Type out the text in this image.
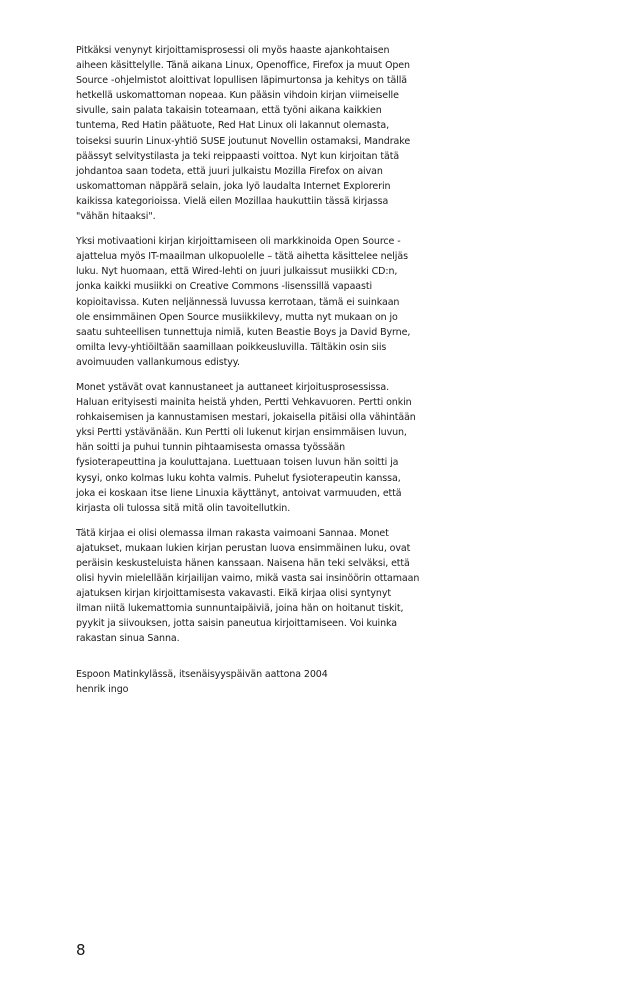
Pitkäksi venynyt kirjoittamisprosessi oli myös haaste ajankohtaisen
aiheen käsittelylle. Tänä aikana Linux, Openoffice, Firefox ja muut Open
Source -ohjelmistot aloittivat lopullisen läpimurtonsa ja kehitys on tällä
hetkellä uskomattoman nopeaa. Kun pääsin vihdoin kirjan viimeiselle
sivulle, sain palata takaisin toteamaan, että työni aikana kaikkien
tuntema, Red Hatin päätuote, Red Hat Linux oli lakannut olemasta,
toiseksi suurin Linux-yhtiö SUSE joutunut Novellin ostamaksi, Mandrake
päässyt selvitystilasta ja teki reippaasti voittoa. Nyt kun kirjoitan tätä
johdantoa saan todeta, että juuri julkaistu Mozilla Firefox on aivan
uskomattoman näppärä selain, joka lyö laudalta Internet Explorerin
kaikissa kategorioissa. Vielä eilen Mozillaa haukuttiin tässä kirjassa
"vähän hitaaksi".

Yksi motivaationi kirjan kirjoittamiseen oli markkinoida Open Source -
ajattelua myös IT-maailman ulkopuolelle – tätä aihetta käsittelee neljäs
luku. Nyt huomaan, että Wired-lehti on juuri julkaissut musiikki CD:n,
jonka kaikki musiikki on Creative Commons -lisenssillä vapaasti
kopioitavissa. Kuten neljännessä luvussa kerrotaan, tämä ei suinkaan
ole ensimmäinen Open Source musiikkilevy, mutta nyt mukaan on jo
saatu suhteellisen tunnettuja nimiä, kuten Beastie Boys ja David Byrne,
omilta levy-yhtiöiltään saamillaan poikkeusluvilla. Tältäkin osin siis
avoimuuden vallankumous edistyy.

Monet ystävät ovat kannustaneet ja auttaneet kirjoitusprosessissa.
Haluan erityisesti mainita heistä yhden, Pertti Vehkavuoren. Pertti onkin
rohkaisemisen ja kannustamisen mestari, jokaisella pitäisi olla vähintään
yksi Pertti ystävänään. Kun Pertti oli lukenut kirjan ensimmäisen luvun,
hän soitti ja puhui tunnin pihtaamisesta omassa työssään
fysioterapeuttina ja kouluttajana. Luettuaan toisen luvun hän soitti ja
kysyi, onko kolmas luku kohta valmis. Puhelut fysioterapeutin kanssa,
joka ei koskaan itse liene Linuxia käyttänyt, antoivat varmuuden, että
kirjasta oli tulossa sitä mitä olin tavoitellutkin.

Tätä kirjaa ei olisi olemassa ilman rakasta vaimoani Sannaa. Monet
ajatukset, mukaan lukien kirjan perustan luova ensimmäinen luku, ovat
peräisin keskusteluista hänen kanssaan. Naisena hän teki selväksi, että
olisi hyvin mielellään kirjailijan vaimo, mikä vasta sai insinöörin ottamaan
ajatuksen kirjan kirjoittamisesta vakavasti. Eikä kirjaa olisi syntynyt
ilman niitä lukemattomia sunnuntaipäiviä, joina hän on hoitanut tiskit,
pyykit ja siivouksen, jotta saisin paneutua kirjoittamiseen. Voi kuinka
rakastan sinua Sanna.

Espoon Matinkylässä, itsenäisyyspäivän aattona 2004
henrik ingo
8
